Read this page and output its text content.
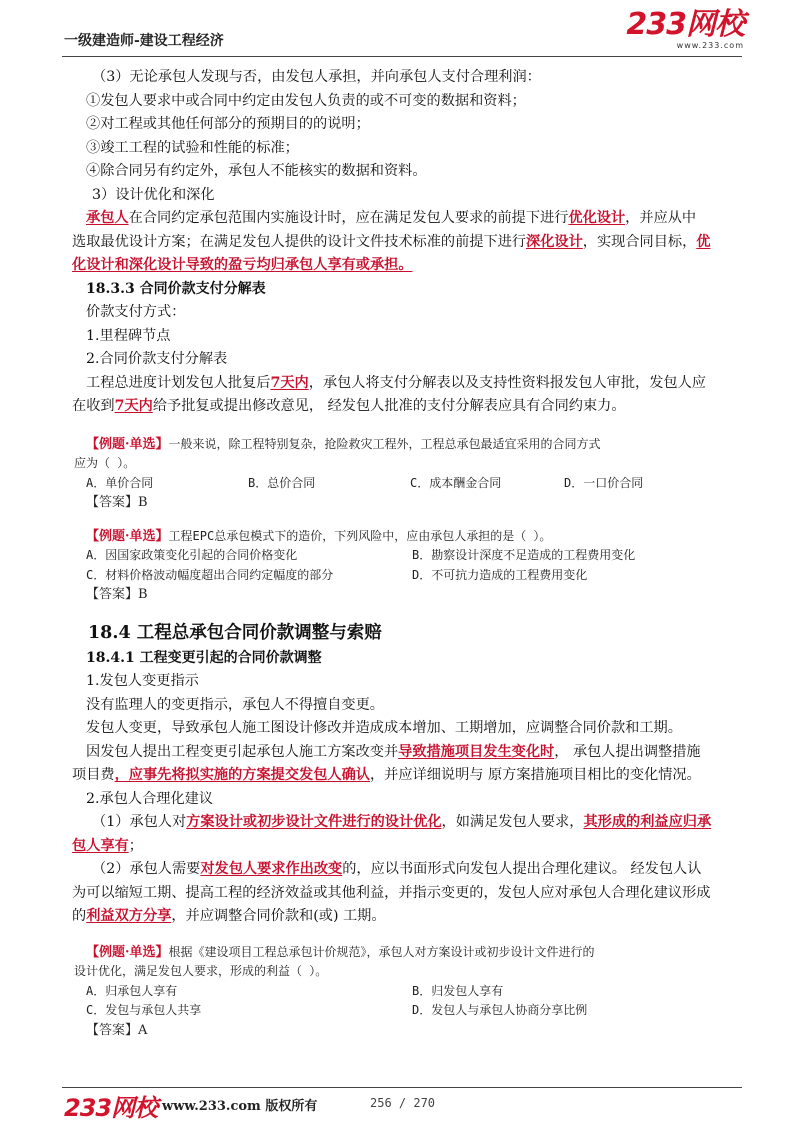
一级建造师-建设工程经济	233网校
www.233.com
（3）无论承包人发现与否，由发包人承担，并向承包人支付合理利润：
①发包人要求中或合同中约定由发包人负责的或不可变的数据和资料；
②对工程或其他任何部分的预期目的的说明；
③竣工工程的试验和性能的标准；
④除合同另有约定外，承包人不能核实的数据和资料。
3）设计优化和深化
承包人在合同约定承包范围内实施设计时，应在满足发包人要求的前提下进行优化设计，并应从中
选取最优设计方案；在满足发包人提供的设计文件技术标准的前提下进行深化设计，实现合同目标，优
化设计和深化设计导致的盈亏均归承包人享有或承担。
18.3.3 合同价款支付分解表
价款支付方式：
1.里程碑节点
2.合同价款支付分解表
工程总进度计划发包人批复后7天内，承包人将支付分解表以及支持性资料报发包人审批，发包人应
在收到7天内给予批复或提出修改意见， 经发包人批准的支付分解表应具有合同约束力。
【例题·单选】一般来说，除工程特别复杂，抢险救灾工程外，工程总承包最适宜采用的合同方式
应为（ ）。
A．单价合同	B．总价合同	C．成本酬金合同	D．一口价合同
【答案】B
【例题·单选】工程EPC总承包模式下的造价，下列风险中，应由承包人承担的是（ ）。
A．因国家政策变化引起的合同价格变化	B．勘察设计深度不足造成的工程费用变化
C．材料价格波动幅度超出合同约定幅度的部分	D．不可抗力造成的工程费用变化
【答案】B
18.4 工程总承包合同价款调整与索赔
18.4.1 工程变更引起的合同价款调整
1.发包人变更指示
没有监理人的变更指示，承包人不得擅自变更。
发包人变更，导致承包人施工图设计修改并造成成本增加、工期增加，应调整合同价款和工期。
因发包人提出工程变更引起承包人施工方案改变并导致措施项目发生变化时， 承包人提出调整措施
项目费，应事先将拟实施的方案提交发包人确认，并应详细说明与 原方案措施项目相比的变化情况。
2.承包人合理化建议
（1）承包人对方案设计或初步设计文件进行的设计优化，如满足发包人要求，其形成的利益应归承
包人享有；
（2）承包人需要对发包人要求作出改变的，应以书面形式向发包人提出合理化建议。 经发包人认
为可以缩短工期、提高工程的经济效益或其他利益，并指示变更的，发包人应对承包人合理化建议形成
的利益双方分享，并应调整合同价款和(或) 工期。
【例题·单选】根据《建设项目工程总承包计价规范》，承包人对方案设计或初步设计文件进行的
设计优化，满足发包人要求，形成的利益（ ）。
A．归承包人享有	B．归发包人享有
C．发包与承包人共享	D．发包人与承包人协商分享比例
【答案】A
233网校 www.233.com 版权所有	256 / 270
